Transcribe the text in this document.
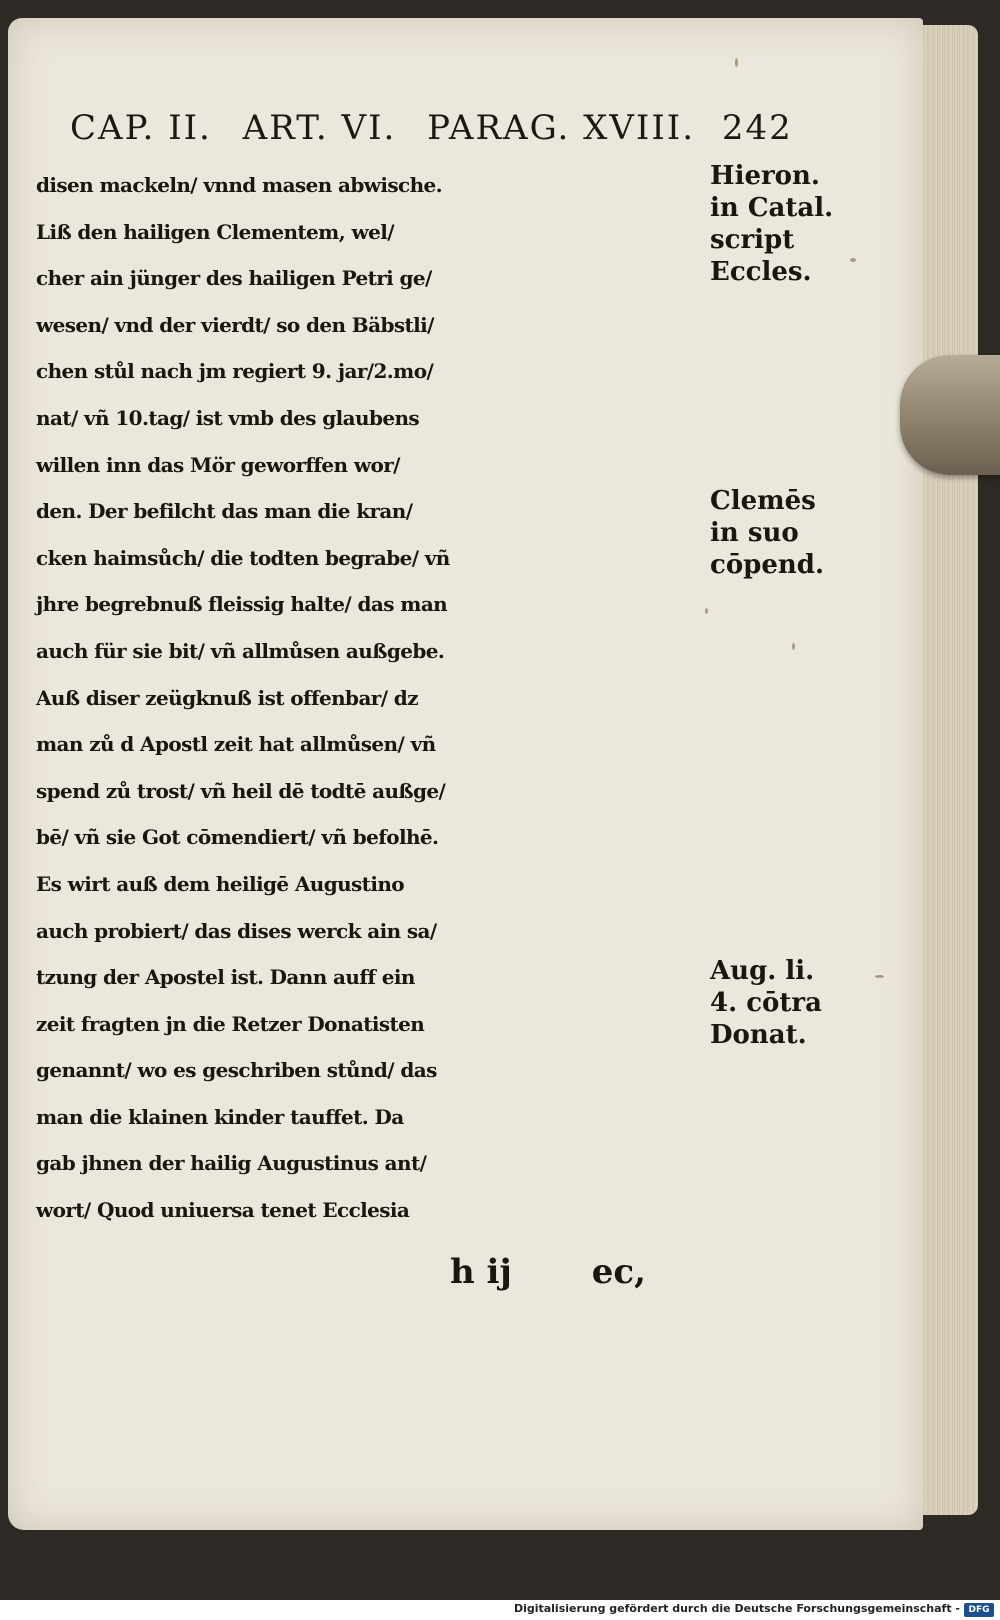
CAP. II. ART. VI. PARAG. XVIII. 242
disen mackeln/ vnnd masen abwische.
Liß den hailigen Clementem, wel/
cher ain jünger des hailigen Petri ge/
wesen/ vnd der vierdt/ so den Bäbstli/
chen stůl nach jm regiert 9. jar/2.mo/
nat/ vñ 10.tag/ ist vmb des glaubens
willen inn das Mör geworffen wor/
den. Der befilcht das man die kran/
cken haimsůch/ die todten begrabe/ vñ
jhre begrebnuß fleissig halte/ das man
auch für sie bit/ vñ allmůsen außgebe.
Auß diser zeügknuß ist offenbar/ dz
man zů d Apostl zeit hat allmůsen/ vñ
spend zů trost/ vñ heil dē todtē außge/
bē/ vñ sie Got cōmendiert/ vñ befolhē.
Es wirt auß dem heiligē Augustino
auch probiert/ das dises werck ain sa/
tzung der Apostel ist. Dann auff ein
zeit fragten jn die Retzer Donatisten
genannt/ wo es geschriben stůnd/ das
man die klainen kinder tauffet. Da
gab jhnen der hailig Augustinus ant/
wort/ Quod uniuersa tenet Ecclesia
Hieron.
in Catal.
script
Eccles.
Clemēs
in suo
cōpend.
Aug. li.
4. cōtra
Donat.
h ij ec,
Digitalisierung gefördert durch die Deutsche Forschungsgemeinschaft - DFG
